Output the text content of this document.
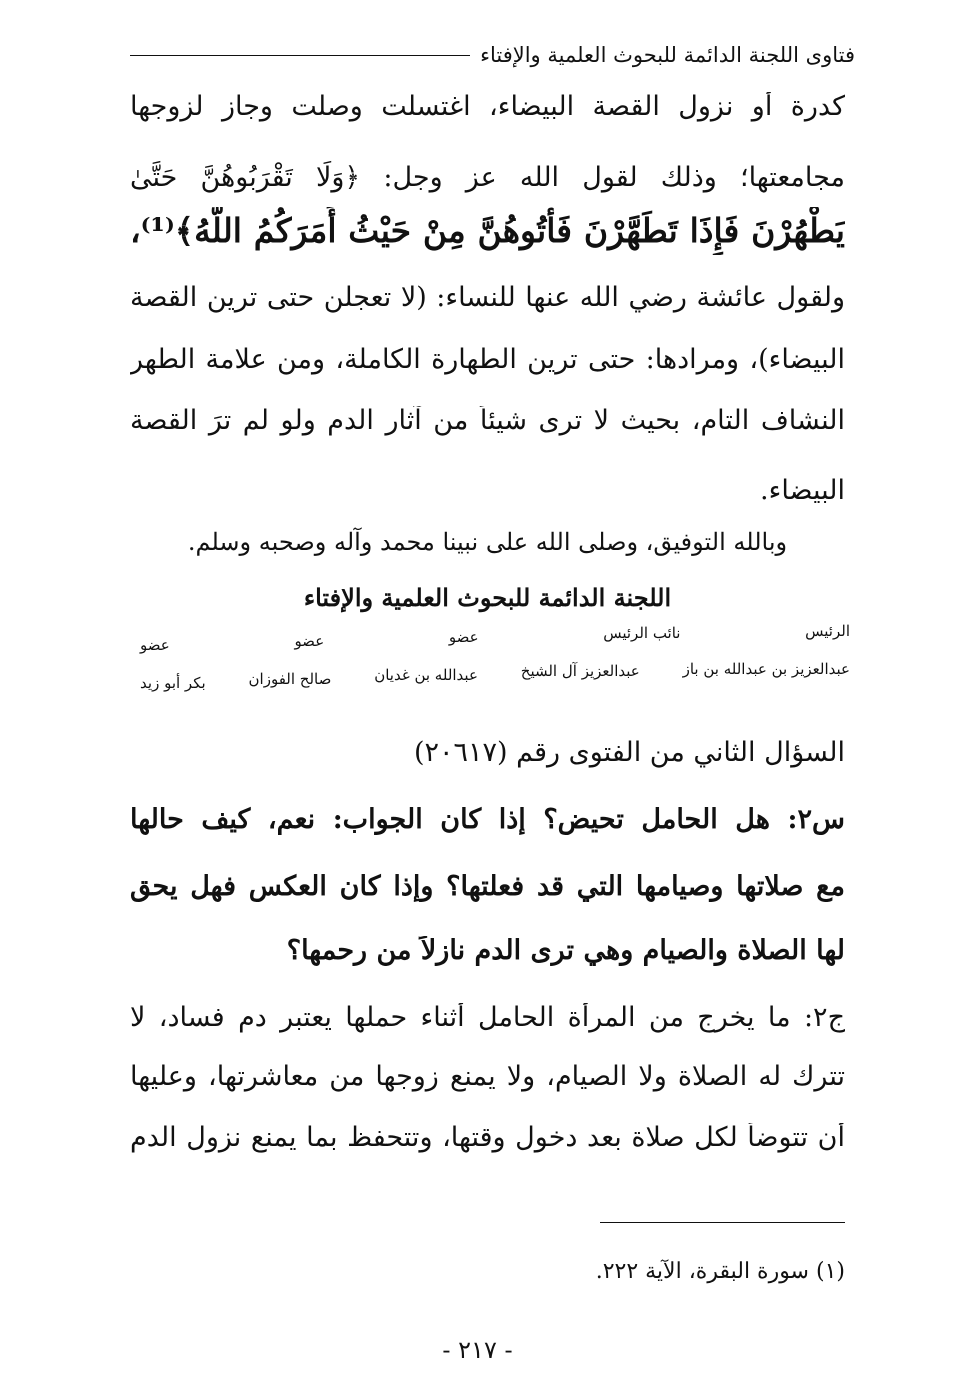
فتاوى اللجنة الدائمة للبحوث العلمية والإفتاء
كدرة أو نزول القصة البيضاء، اغتسلت وصلت وجاز لزوجها
مجامعتها؛ وذلك لقول الله عز وجل: ﴿وَلَا تَقْرَبُوهُنَّ حَتَّىٰ
يَطْهُرْنَ فَإِذَا تَطَهَّرْنَ فَأْتُوهُنَّ مِنْ حَيْثُ أَمَرَكُمُ اللَّهُ﴾⁽¹⁾،
ولقول عائشة رضي الله عنها للنساء: (لا تعجلن حتى ترين القصة
البيضاء)، ومرادها: حتى ترين الطهارة الكاملة، ومن علامة الطهر
النشاف التام، بحيث لا ترى شيئاً من آثار الدم ولو لم ترَ القصة
البيضاء.
وبالله التوفيق، وصلى الله على نبينا محمد وآله وصحبه وسلم.
اللجنة الدائمة للبحوث العلمية والإفتاء
عضو	عضو	عضو	نائب الرئيس	الرئيس
بكر أبو زيد	صالح الفوزان	عبدالله بن غديان	عبدالعزيز آل الشيخ	عبدالعزيز بن عبدالله بن باز
السؤال الثاني من الفتوى رقم (٢٠٦١٧)
س٢: هل الحامل تحيض؟ إذا كان الجواب: نعم، كيف حالها
مع صلاتها وصيامها التي قد فعلتها؟ وإذا كان العكس فهل يحق
لها الصلاة والصيام وهي ترى الدم نازلاً من رحمها؟
ج٢: ما يخرج من المرأة الحامل أثناء حملها يعتبر دم فساد، لا
تترك له الصلاة ولا الصيام، ولا يمنع زوجها من معاشرتها، وعليها
أن تتوضأ لكل صلاة بعد دخول وقتها، وتتحفظ بما يمنع نزول الدم
(١) سورة البقرة، الآية ٢٢٢.
- ٢١٧ -
